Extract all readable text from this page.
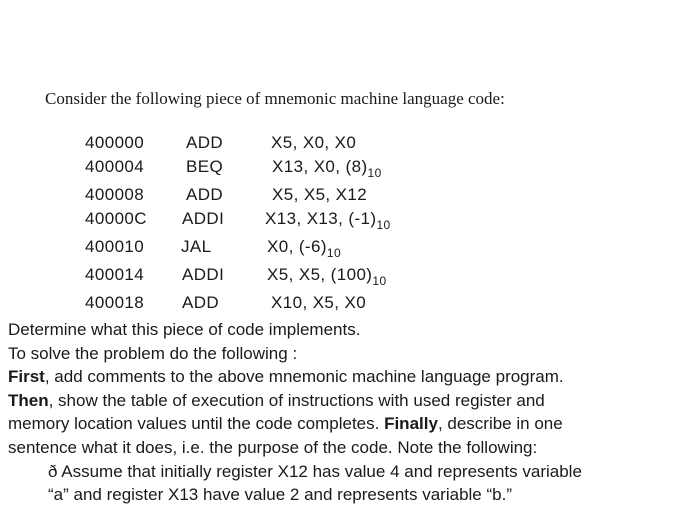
Consider the following piece of mnemonic machine language code:
400000 ADD	X5, X0, X0
400004 BEQ	X13, X0, $(8)_{10}$
400008 ADD	X5, X5, X12
40000C ADDI X13, X13, $(-1)_{10}$
400010 JAL	X0, $(-6)_{10}$
400014 ADDI	X5, X5, $(100)_{10}$
400018 ADD	X10, X5, X0

Determine what this piece of code implements.

To solve the problem do the following :

First, add comments to the above mnemonic machine language program.

Then, show the table of execution of instructions with used register and

memory location values until the code completes. Finally, describe in one

sentence what it does, i.e. the purpose of the code. Note the following:

ð Assume that initially register X12 has value 4 and represents variable

“a” and register X13 have value 2 and represents variable “b.”
